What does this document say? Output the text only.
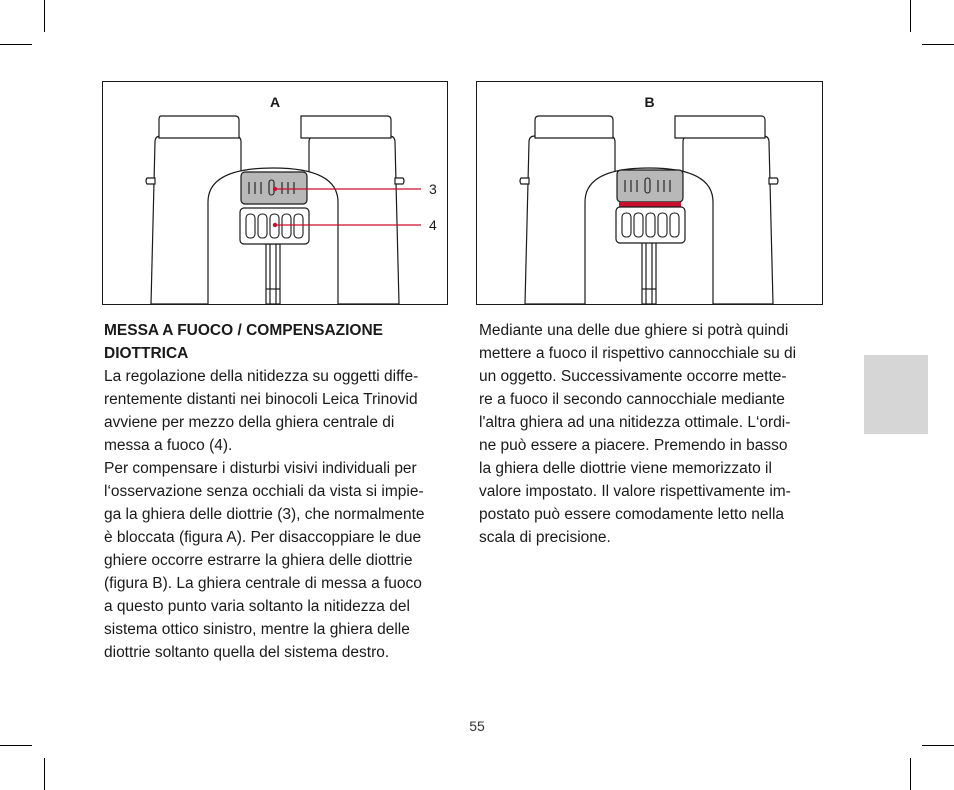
A
3
4
B
MESSA A FUOCO / COMPENSAZIONE
DIOTTRICA
La regolazione della nitidezza su oggetti diffe-
rentemente distanti nei binocoli Leica Trinovid
avviene per mezzo della ghiera centrale di
messa a fuoco (4).
Per compensare i disturbi visivi individuali per
l‘osservazione senza occhiali da vista si impie-
ga la ghiera delle diottrie (3), che normalmente
è bloccata (figura A). Per disaccoppiare le due
ghiere occorre estrarre la ghiera delle diottrie
(figura B). La ghiera centrale di messa a fuoco
a questo punto varia soltanto la nitidezza del
sistema ottico sinistro, mentre la ghiera delle
diottrie soltanto quella del sistema destro.
Mediante una delle due ghiere si potrà quindi
mettere a fuoco il rispettivo cannocchiale su di
un oggetto. Successivamente occorre mette-
re a fuoco il secondo cannocchiale mediante
l'altra ghiera ad una nitidezza ottimale. L‘ordi-
ne può essere a piacere. Premendo in basso
la ghiera delle diottrie viene memorizzato il
valore impostato. Il valore rispettivamente im-
postato può essere comodamente letto nella
scala di precisione.
55
